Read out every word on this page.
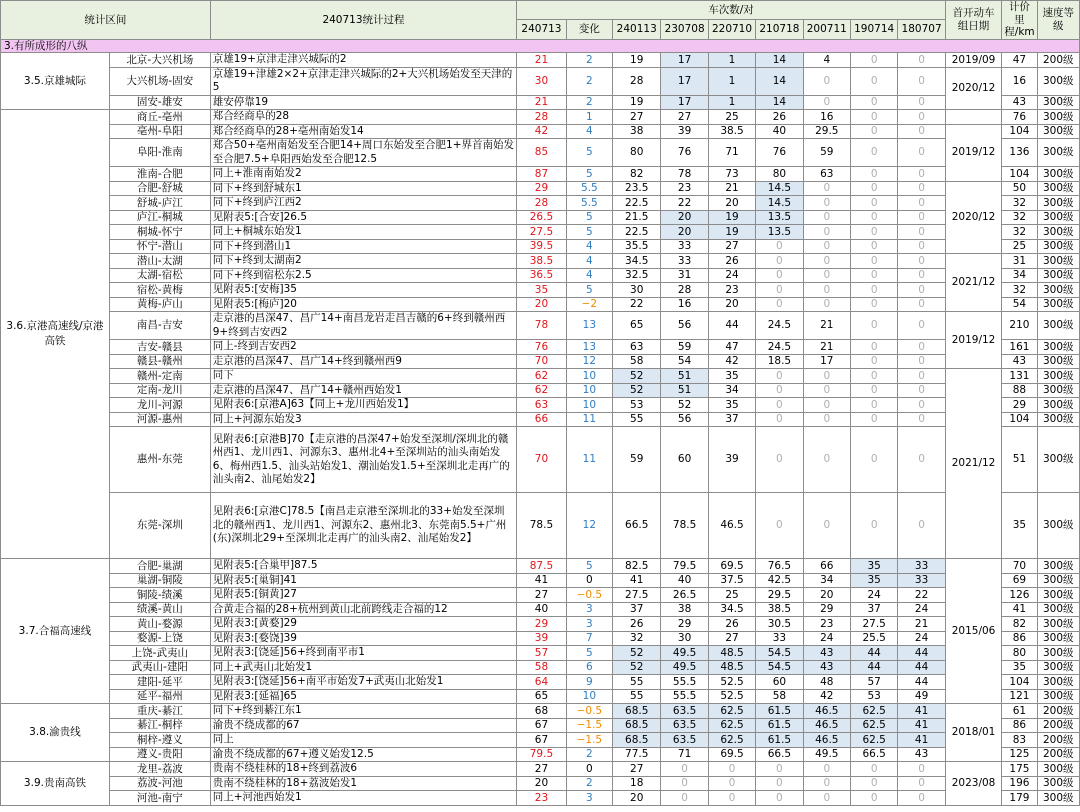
统计区间		240713统计过程	车次数/对									首开动车组日期	计价里程/km	速度等级
			240713	变化	240113	230708	220710	210718	200711	190714	180707			
3.有所成形的八纵														
3.5.京雄城际	北京-大兴机场	京雄19+京津走津兴城际的2	21	2	19	17	1	14	4	0	0	2019/09	47	200级
	大兴机场-固安	京雄19+津雄2×2+京津走津兴城际的2+大兴机场始发至天津的5	30	2	28	17	1	14	0	0	0	2020/12	16	300级
	固安-雄安	雄安停靠19	21	2	19	17	1	14	0	0	0		43	300级
3.6.京港高速线/京港高铁	商丘-亳州	郑合经商阜的28	28	1	27	27	25	26	16	0	0		76	300级
	亳州-阜阳	郑合经商阜的28+亳州南始发14	42	4	38	39	38.5	40	29.5	0	0	2019/12	104	300级
	阜阳-淮南	郑合50+亳州南始发至合肥14+周口东始发至合肥1+界首南始发至合肥7.5+阜阳西始发至合肥12.5	85	5	80	76	71	76	59	0	0		136	300级
	淮南-合肥	同上+淮南南始发2	87	5	82	78	73	80	63	0	0		104	300级
	合肥-舒城	同下+终到舒城东1	29	5.5	23.5	23	21	14.5	0	0	0	2020/12	50	300级
	舒城-庐江	同下+终到庐江西2	28	5.5	22.5	22	20	14.5	0	0	0		32	300级
	庐江-桐城	见附表5:[合安]26.5	26.5	5	21.5	20	19	13.5	0	0	0		32	300级
	桐城-怀宁	同上+桐城东始发1	27.5	5	22.5	20	19	13.5	0	0	0		32	300级
	怀宁-潜山	同下+终到潜山1	39.5	4	35.5	33	27	0	0	0	0		25	300级
	潜山-太湖	同下+终到太湖南2	38.5	4	34.5	33	26	0	0	0	0	2021/12	31	300级
	太湖-宿松	同下+终到宿松东2.5	36.5	4	32.5	31	24	0	0	0	0		34	300级
	宿松-黄梅	见附表5:[安梅]35	35	5	30	28	23	0	0	0	0		32	300级
	黄梅-庐山	见附表5:[梅庐]20	20	−2	22	16	20	0	0	0	0		54	300级
	南昌-吉安	走京港的昌深47、昌广14+南昌龙岩走昌吉赣的6+终到赣州西9+终到吉安西2	78	13	65	56	44	24.5	21	0	0	2019/12	210	300级
	吉安-赣县	同上-终到吉安西2	76	13	63	59	47	24.5	21	0	0		161	300级
	赣县-赣州	走京港的昌深47、昌广14+终到赣州西9	70	12	58	54	42	18.5	17	0	0		43	300级
	赣州-定南	同下	62	10	52	51	35	0	0	0	0	2021/12	131	300级
	定南-龙川	走京港的昌深47、昌广14+赣州西始发1	62	10	52	51	34	0	0	0	0		88	300级
	龙川-河源	见附表6:[京港A]63【同上+龙川西始发1】	63	10	53	52	35	0	0	0	0		29	300级
	河源-惠州	同上+河源东始发3	66	11	55	56	37	0	0	0	0		104	300级
	惠州-东莞	见附表6:[京港B]70【走京港的昌深47+始发至深圳/深圳北的赣州西1、龙川西1、河源东3、惠州北4+至深圳站的汕头南始发6、梅州西1.5、汕头站始发1、潮汕始发1.5+至深圳北走再广的汕头南2、汕尾始发2】	70	11	59	60	39	0	0	0	0		51	300级
	东莞-深圳	见附表6:[京港C]78.5【南昌走京港至深圳北的33+始发至深圳北的赣州西1、龙川西1、河源东2、惠州北3、东莞南5.5+广州(东)深圳北29+至深圳北走再广的汕头南2、汕尾始发2】	78.5	12	66.5	78.5	46.5	0	0	0	0		35	300级
3.7.合福高速线	合肥-巢湖	见附表5:[合巢甲]87.5	87.5	5	82.5	79.5	69.5	76.5	66	35	33	2015/06	70	300级
	巢湖-铜陵	见附表5:[巢铜]41	41	0	41	40	37.5	42.5	34	35	33		69	300级
	铜陵-绩溪	见附表5:[铜黄]27	27	−0.5	27.5	26.5	25	29.5	20	24	22		126	300级
	绩溪-黄山	合黄走合福的28+杭州到黄山北前跨线走合福的12	40	3	37	38	34.5	38.5	29	37	24		41	300级
	黄山-婺源	见附表3:[黄婺]29	29	3	26	29	26	30.5	23	27.5	21		82	300级
	婺源-上饶	见附表3:[婺饶]39	39	7	32	30	27	33	24	25.5	24		86	300级
	上饶-武夷山	见附表3:[饶延]56+终到南平市1	57	5	52	49.5	48.5	54.5	43	44	44		80	300级
	武夷山-建阳	同上+武夷山北始发1	58	6	52	49.5	48.5	54.5	43	44	44		35	300级
	建阳-延平	见附表3:[饶延]56+南平市始发7+武夷山北始发1	64	9	55	55.5	52.5	60	48	57	44		104	300级
	延平-福州	见附表3:[延福]65	65	10	55	55.5	52.5	58	42	53	49		121	300级
3.8.渝贵线	重庆-綦江	同下+终到綦江东1	68	−0.5	68.5	63.5	62.5	61.5	46.5	62.5	41	2018/01	61	200级
	綦江-桐梓	渝贵不绕成都的67	67	−1.5	68.5	63.5	62.5	61.5	46.5	62.5	41		86	200级
	桐梓-遵义	同上	67	−1.5	68.5	63.5	62.5	61.5	46.5	62.5	41		83	200级
	遵义-贵阳	渝贵不绕成都的67+遵义始发12.5	79.5	2	77.5	71	69.5	66.5	49.5	66.5	43		125	200级
3.9.贵南高铁	龙里-荔波	贵南不绕桂林的18+终到荔波6	27	0	27	0	0	0	0	0	0	2023/08	175	300级
	荔波-河池	贵南不绕桂林的18+荔波始发1	20	2	18	0	0	0	0	0	0		196	300级
	河池-南宁	同上+河池西始发1	23	3	20	0	0	0	0	0	0		179	300级
